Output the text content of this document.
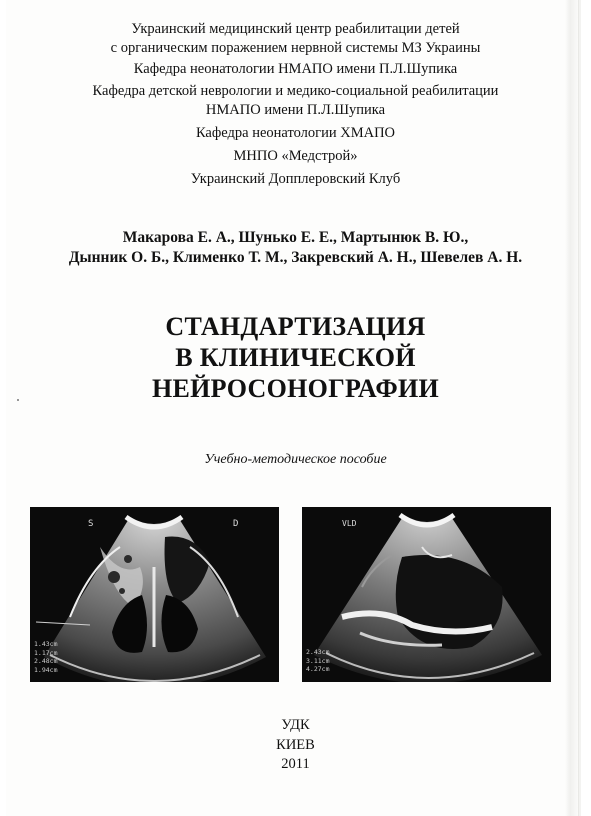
Украинский медицинский центр реабилитации детей
с органическим поражением нервной системы МЗ Украины
Кафедра неонатологии НМАПО имени П.Л.Шупика
Кафедра детской неврологии и медико-социальной реабилитации
НМАПО имени П.Л.Шупика
Кафедра неонатологии ХМАПО
МНПО «Медстрой»
Украинский Допплеровский Клуб
Макарова Е. А., Шунько Е. Е., Мартынюк В. Ю.,
Дынник О. Б., Клименко Т. М., Закревский А. Н., Шевелев А. Н.
СТАНДАРТИЗАЦИЯ
В КЛИНИЧЕСКОЙ
НЕЙРОСОНОГРАФИИ
Учебно-методическое пособие
S	D
1.43cm
1.17cm
2.48cm
1.94cm
VLD
2.43cm
3.11cm
4.27cm
УДК
КИЕВ
2011
